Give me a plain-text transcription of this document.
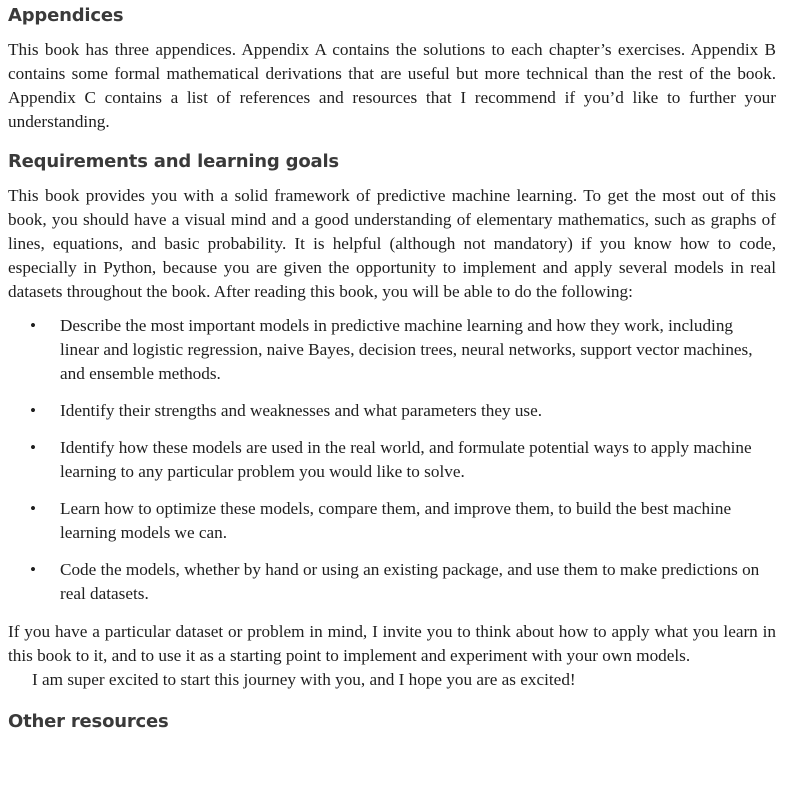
Appendices

This book has three appendices. Appendix A contains the solutions to each chapter’s exercises. Appendix B contains some formal mathematical derivations that are useful but more technical than the rest of the book. Appendix C contains a list of references and resources that I recommend if you’d like to further your understanding.

Requirements and learning goals

This book provides you with a solid framework of predictive machine learning. To get the most out of this book, you should have a visual mind and a good understanding of elementary mathematics, such as graphs of lines, equations, and basic probability. It is helpful (although not mandatory) if you know how to code, especially in Python, because you are given the opportunity to implement and apply several models in real datasets throughout the book. After reading this book, you will be able to do the following:

• Describe the most important models in predictive machine learning and how they work, including linear and logistic regression, naive Bayes, decision trees, neural networks, support vector machines, and ensemble methods.

• Identify their strengths and weaknesses and what parameters they use.

• Identify how these models are used in the real world, and formulate potential ways to apply machine learning to any particular problem you would like to solve.

• Learn how to optimize these models, compare them, and improve them, to build the best machine learning models we can.

• Code the models, whether by hand or using an existing package, and use them to make predictions on real datasets.

If you have a particular dataset or problem in mind, I invite you to think about how to apply what you learn in this book to it, and to use it as a starting point to implement and experiment with your own models.

I am super excited to start this journey with you, and I hope you are as excited!

Other resources
